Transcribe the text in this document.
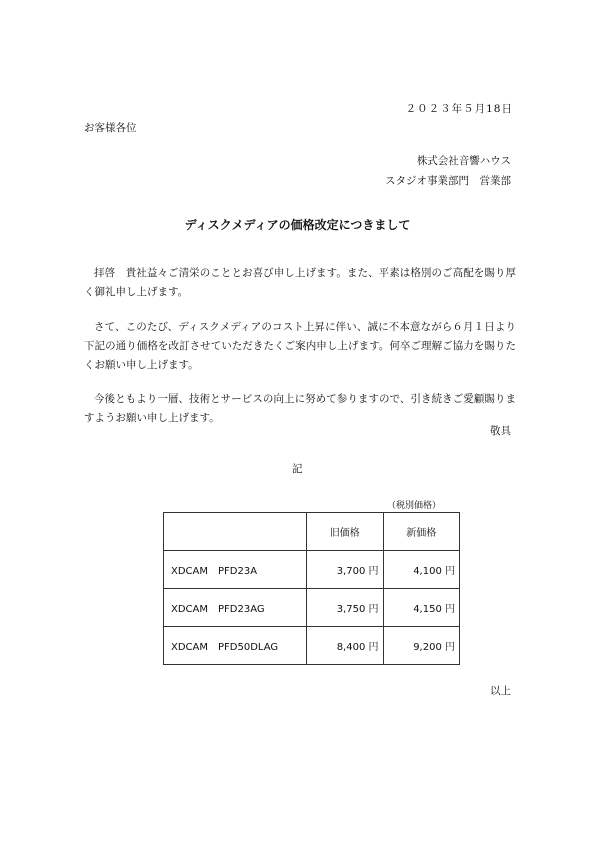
２０２３年５月18日
お客様各位
株式会社音響ハウス
スタジオ事業部門　営業部
ディスクメディアの価格改定につきまして
拝啓　貴社益々ご清栄のこととお喜び申し上げます。また、平素は格別のご高配を賜り厚く御礼申し上げます。
さて、このたび、ディスクメディアのコスト上昇に伴い、誠に不本意ながら６月１日より下記の通り価格を改訂させていただきたくご案内申し上げます。何卒ご理解ご協力を賜りたくお願い申し上げます。
今後ともより一層、技術とサービスの向上に努めて参りますので、引き続きご愛顧賜りますようお願い申し上げます。
敬具
記
（税別価格）
	旧価格	新価格
XDCAM　PFD23A	3,700 円	4,100 円
XDCAM　PFD23AG	3,750 円	4,150 円
XDCAM　PFD50DLAG	8,400 円	9,200 円
以上
